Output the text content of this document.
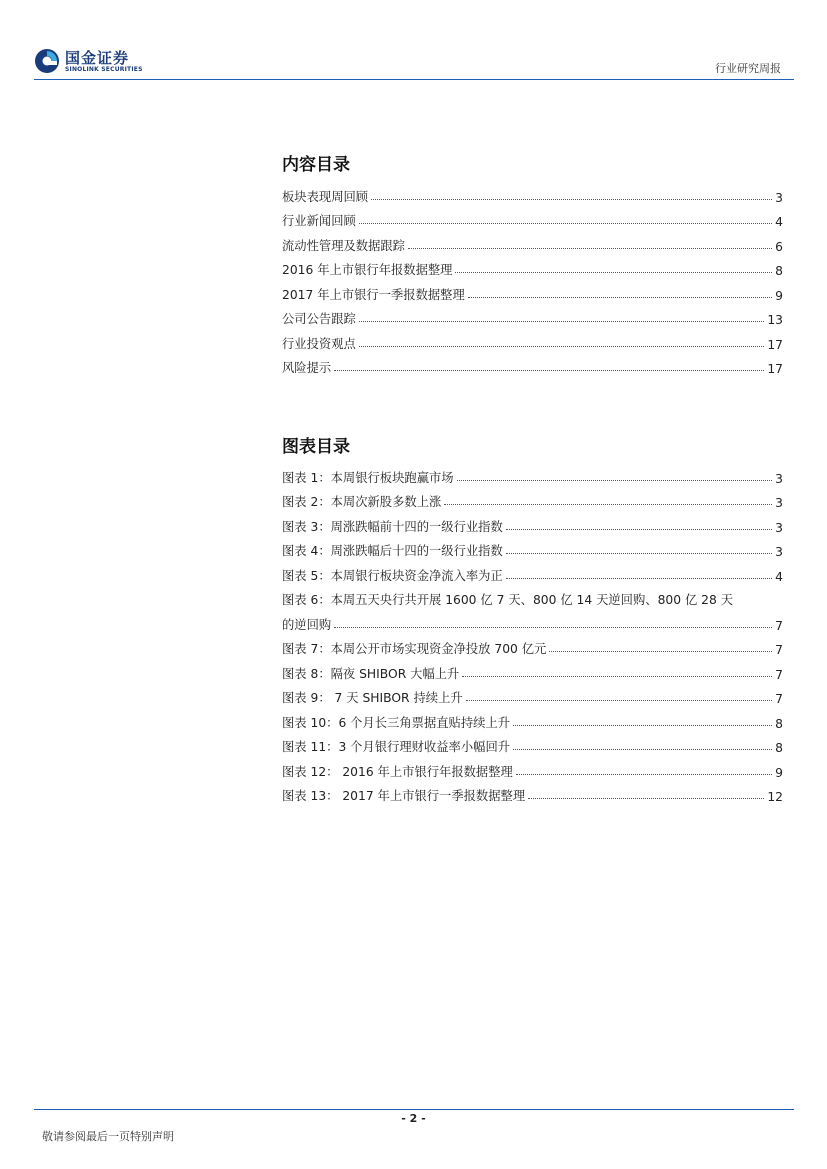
国金证券
SINOLINK SECURITIES	行业研究周报
内容目录
板块表现周回顾	3
行业新闻回顾	4
流动性管理及数据跟踪	6
2016 年上市银行年报数据整理	8
2017 年上市银行一季报数据整理	9
公司公告跟踪	13
行业投资观点	17
风险提示	17
图表目录
图表 1：本周银行板块跑赢市场	3
图表 2：本周次新股多数上涨	3
图表 3：周涨跌幅前十四的一级行业指数	3
图表 4：周涨跌幅后十四的一级行业指数	3
图表 5：本周银行板块资金净流入率为正	4
图表 6：本周五天央行共开展 1600 亿 7 天、800 亿 14 天逆回购、800 亿 28 天
的逆回购	7
图表 7：本周公开市场实现资金净投放 700 亿元	7
图表 8：隔夜 SHIBOR 大幅上升	7
图表 9： 7 天 SHIBOR 持续上升	7
图表 10：6 个月长三角票据直贴持续上升	8
图表 11：3 个月银行理财收益率小幅回升	8
图表 12： 2016 年上市银行年报数据整理	9
图表 13： 2017 年上市银行一季报数据整理	12
- 2 -
敬请参阅最后一页特别声明
